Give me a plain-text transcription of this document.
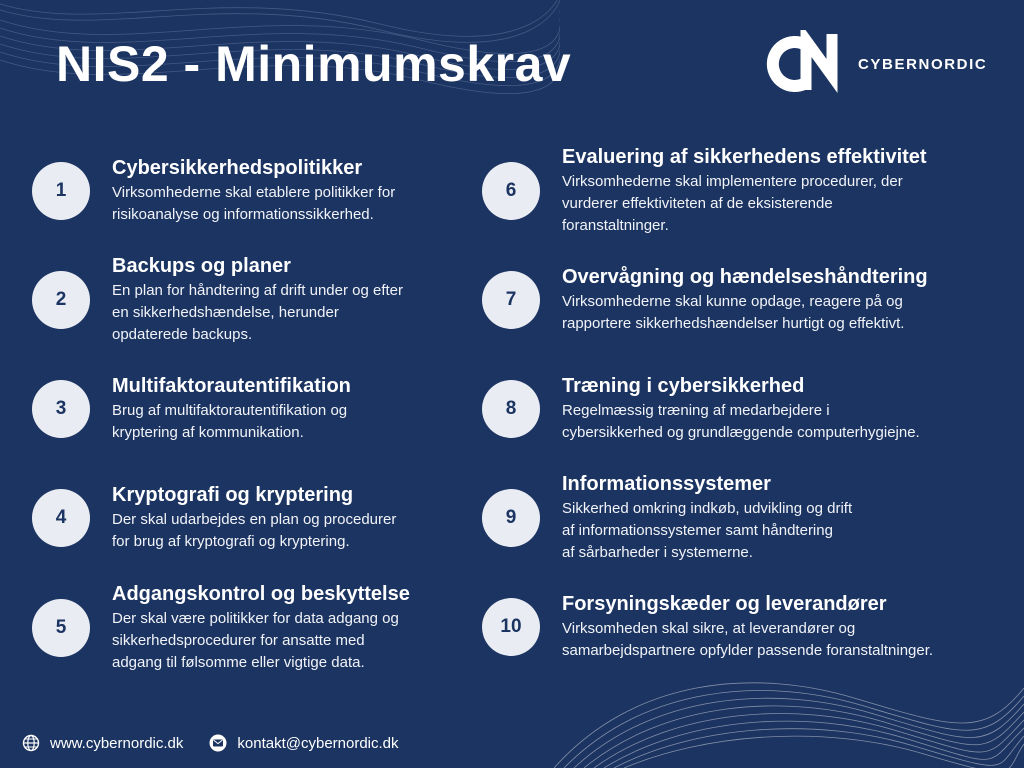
NIS2 - Minimumskrav	CYBERNORDIC
1
Cybersikkerhedspolitikker
Virksomhederne skal etablere politikker for
risikoanalyse og informationssikkerhed.
2
Backups og planer
En plan for håndtering af drift under og efter
en sikkerhedshændelse, herunder
opdaterede backups.
3
Multifaktorautentifikation
Brug af multifaktorautentifikation og
kryptering af kommunikation.
4
Kryptografi og kryptering
Der skal udarbejdes en plan og procedurer
for brug af kryptografi og kryptering.
5
Adgangskontrol og beskyttelse
Der skal være politikker for data adgang og
sikkerhedsprocedurer for ansatte med
adgang til følsomme eller vigtige data.
6
Evaluering af sikkerhedens effektivitet
Virksomhederne skal implementere procedurer, der
vurderer effektiviteten af de eksisterende
foranstaltninger.
7
Overvågning og hændelseshåndtering
Virksomhederne skal kunne opdage, reagere på og
rapportere sikkerhedshændelser hurtigt og effektivt.
8
Træning i cybersikkerhed
Regelmæssig træning af medarbejdere i
cybersikkerhed og grundlæggende computerhygiejne.
9
Informationssystemer
Sikkerhed omkring indkøb, udvikling og drift
af informationssystemer samt håndtering
af sårbarheder i systemerne.
10
Forsyningskæder og leverandører
Virksomheden skal sikre, at leverandører og
samarbejdspartnere opfylder passende foranstaltninger.
www.cybernordic.dk	kontakt@cybernordic.dk
